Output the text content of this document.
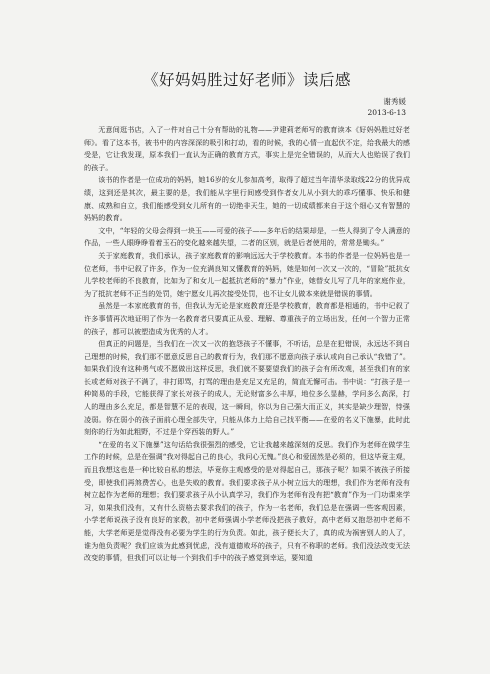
《好妈妈胜过好老师》读后感
谢秀媛
2013-6-13

无意间逛书店，入了一件对自己十分有帮助的礼物——尹建莉老师写的教育读本《好妈妈胜过好老师》。看了这本书，被书中的内容深深的吸引和打动，看的时候，我的心情一直起伏不定，给我最大的感受是，它让我发现，原本我们一直认为正确的教育方式，事实上是完全错误的，从而大人也贻误了我们的孩子。

该书的作者是一位成功的妈妈，她16岁的女儿参加高考，取得了超过当年清华录取线22分的优异成绩，这到还是其次，最主要的是，我们能从字里行间感受到作者女儿从小到大的乖巧懂事、快乐和健康、成熟和自立，我们能感受到女儿所有的一切绝非天生，她的一切成绩都来自于这个细心又有智慧的妈妈的教育。

文中，“年轻的父母会得到一块玉——可爱的孩子——多年后的结果却是，一些人得到了令人满意的作品，一些人眼睁睁看着玉石的变化越来越失望，二者的区别，就是后者使用的，常常是锄头。”

关于家庭教育，我们承认，孩子家庭教育的影响远远大于学校教育。本书的作者是一位妈妈也是一位老师，书中记叙了许多，作为一位充满良知又懂教育的妈妈，她是如何一次又一次的，“冒险”抵抗女儿学校老师的不良教育，比如为了和女儿一起抵抗老师的“暴力”作业，她替女儿写了几年的家庭作业，为了抵抗老师不正当的处罚，她宁愿女儿再次接受处罚，也不让女儿做本来就是错误的事情。

虽然是一本家庭教育的书，但我认为无论是家庭教育还是学校教育，教育都是相通的，书中记叙了许多事情再次地证明了作为一名教育者只要真正从爱、理解、尊重孩子的立场出发，任何一个智力正常的孩子，都可以被塑造成为优秀的人才。

但真正的问题是，当我们在一次又一次的抱怨孩子不懂事，不听话，总是在犯错误，永远达不到自己理想的时候，我们那不愿意反思自己的教育行为，我们那不愿意向孩子承认或向自己承认“我错了”。如果我们没有这种勇气或不愿做出这样反思，我们就不要要望我们的孩子会有所改观，甚至我们有的家长或老师对孩子不满了，非打即骂，打骂的理由是充足又充足的，简直无懈可击。书中说：“打孩子是一种简易的手段，它能获得了家长对孩子的成人，无论财富多么丰厚，地位多么显赫，学问多么高深，打人的理由多么充足，都是智慧不足的表现，这一瞬间，你以为自己强大而正义，其实是缺少理智，恃强凌弱。你在弱小的孩子面前心理全部失守，只能从体力上给自己找平衡——在爱的名义下施暴，此时此刻你的行为如此粗野，不过是个穿西装的野人。”

“在爱的名义下施暴”这句话给我很强烈的感受，它让我越来越深刻的反思。我们作为老师在做学生工作的时候，总是在强调“我对得起自己的良心，我问心无愧。”良心和爱固然是必须的，但这毕竟主观，而且我想这也是一种比较自私的想法，毕竟你主观感受的是对得起自己，那孩子呢？如果不被孩子所接受，即使我们再煞费苦心，也是失败的教育。我们要求孩子从小树立远大的理想，我们作为老师有没有树立起作为老师的理想；我们要求孩子从小认真学习，我们作为老师有没有把“教育”作为一门功课来学习，如果我们没有，又有什么资格去要求我们的孩子，作为一名老师，我们总是在强调一些客观因素，小学老师说孩子没有良好的家教，初中老师强调小学老师没把孩子教好，高中老师又抱怨初中老师不能，大学老师更是觉得没有必要为学生的行为负责。如此，孩子便长大了，真的成为祸害别人的人了，谁为他负责呢？我们应该为此感到忧虑，没有道德败坏的孩子，只有不称职的老师。我们没法改变无法改变的事情，但我们可以让每一个到我们手中的孩子感觉到幸运，要知道
